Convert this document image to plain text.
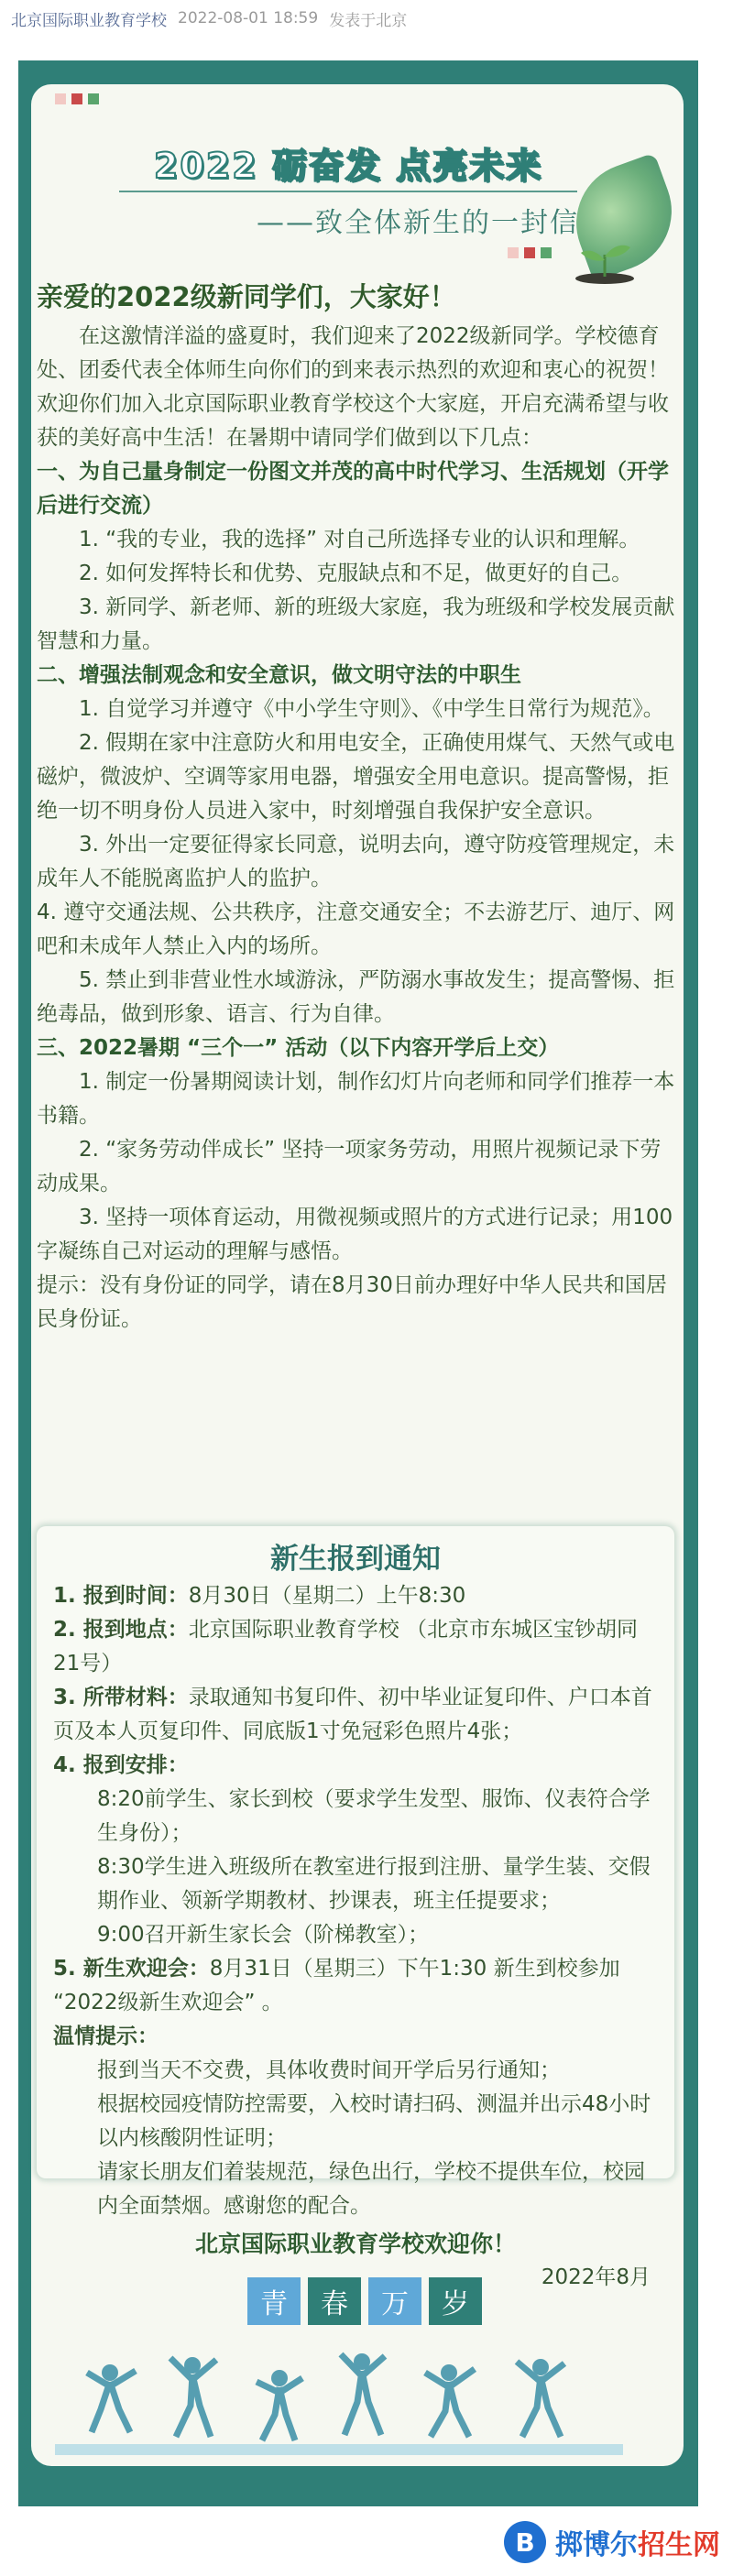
北京国际职业教育学校 2022-08-01 18:59 发表于北京
2022 砺奋发 点亮未来
——致全体新生的一封信
亲爱的2022级新同学们，大家好！

在这激情洋溢的盛夏时，我们迎来了2022级新同学。学校德育处、团委代表全体师生向你们的到来表示热烈的欢迎和衷心的祝贺！欢迎你们加入北京国际职业教育学校这个大家庭，开启充满希望与收获的美好高中生活！在暑期中请同学们做到以下几点：

一、为自己量身制定一份图文并茂的高中时代学习、生活规划（开学后进行交流）

1. “我的专业，我的选择” 对自己所选择专业的认识和理解。

2. 如何发挥特长和优势、克服缺点和不足，做更好的自己。

3. 新同学、新老师、新的班级大家庭，我为班级和学校发展贡献智慧和力量。

二、增强法制观念和安全意识，做文明守法的中职生

1. 自觉学习并遵守《中小学生守则》、《中学生日常行为规范》。

2. 假期在家中注意防火和用电安全，正确使用煤气、天然气或电磁炉，微波炉、空调等家用电器，增强安全用电意识。提高警惕，拒绝一切不明身份人员进入家中，时刻增强自我保护安全意识。

3. 外出一定要征得家长同意，说明去向，遵守防疫管理规定，未成年人不能脱离监护人的监护。

4. 遵守交通法规、公共秩序，注意交通安全；不去游艺厅、迪厅、网吧和未成年人禁止入内的场所。

5. 禁止到非营业性水域游泳，严防溺水事故发生；提高警惕、拒绝毒品，做到形象、语言、行为自律。

三、2022暑期 “三个一” 活动（以下内容开学后上交）

1. 制定一份暑期阅读计划，制作幻灯片向老师和同学们推荐一本书籍。

2. “家务劳动伴成长” 坚持一项家务劳动，用照片视频记录下劳动成果。

3. 坚持一项体育运动，用微视频或照片的方式进行记录；用100字凝练自己对运动的理解与感悟。

提示：没有身份证的同学，请在8月30日前办理好中华人民共和国居民身份证。

新生报到通知
1. 报到时间：8月30日（星期二）上午8:30
2. 报到地点：北京国际职业教育学校 （北京市东城区宝钞胡同21号）
3. 所带材料：录取通知书复印件、初中毕业证复印件、户口本首页及本人页复印件、同底版1寸免冠彩色照片4张；
4. 报到安排：
8:20前学生、家长到校（要求学生发型、服饰、仪表符合学生身份）；
8:30学生进入班级所在教室进行报到注册、量学生装、交假期作业、领新学期教材、抄课表，班主任提要求；
9:00召开新生家长会（阶梯教室）；
5. 新生欢迎会：8月31日（星期三）下午1:30 新生到校参加 “2022级新生欢迎会” 。
温情提示：
报到当天不交费，具体收费时间开学后另行通知；
根据校园疫情防控需要，入校时请扫码、测温并出示48小时以内核酸阴性证明；
请家长朋友们着装规范，绿色出行，学校不提供车位，校园内全面禁烟。感谢您的配合。
北京国际职业教育学校欢迎你！
2022年8月
青	春	万	岁
B 掷博尔招生网
